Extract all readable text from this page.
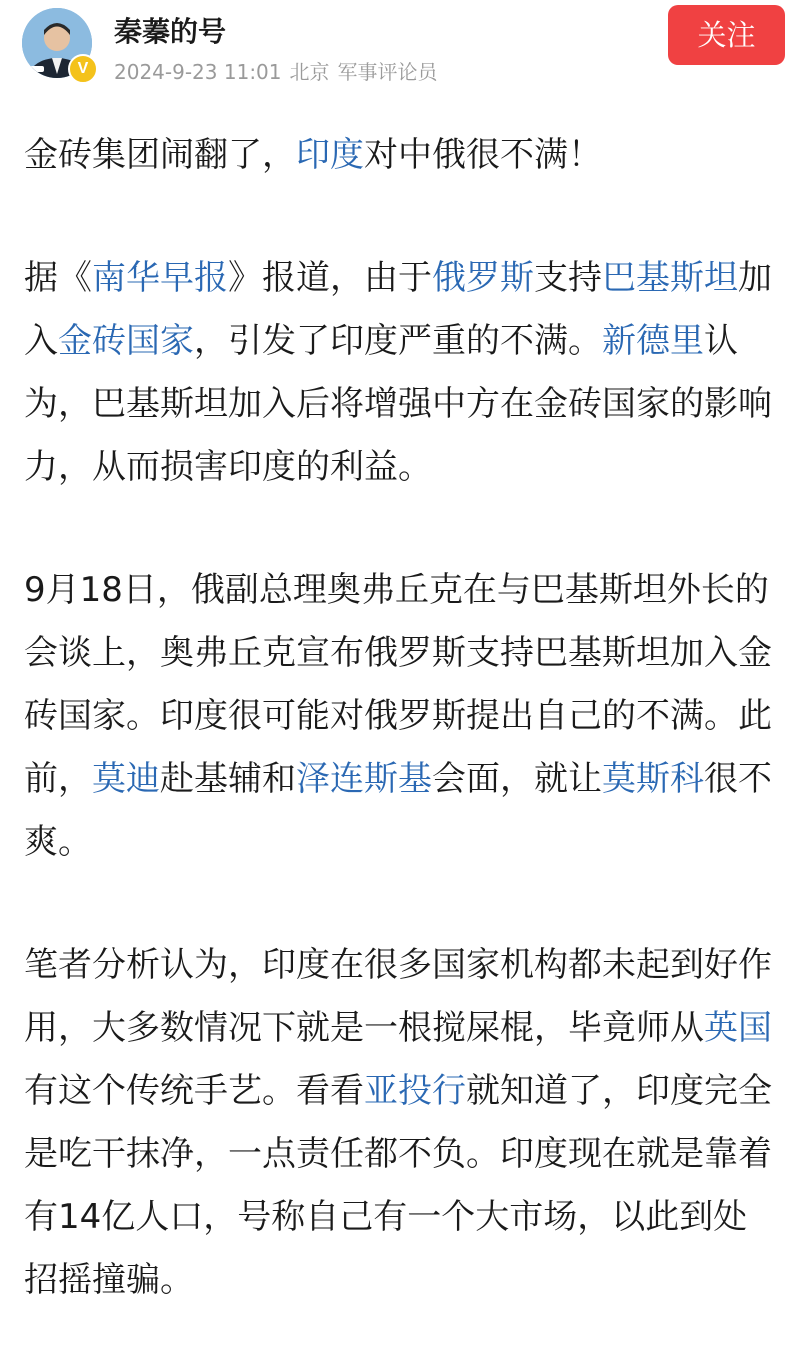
V
秦蓁的号
2024-9-23 11:01 北京 军事评论员
关注

金砖集团闹翻了，印度对中俄很不满！

据《南华早报》报道，由于俄罗斯支持巴基斯坦加入金砖国家，引发了印度严重的不满。新德里认为，巴基斯坦加入后将增强中方在金砖国家的影响力，从而损害印度的利益。

9月18日，俄副总理奥弗丘克在与巴基斯坦外长的会谈上，奥弗丘克宣布俄罗斯支持巴基斯坦加入金砖国家。印度很可能对俄罗斯提出自己的不满。此前，莫迪赴基辅和泽连斯基会面，就让莫斯科很不爽。

笔者分析认为，印度在很多国家机构都未起到好作用，大多数情况下就是一根搅屎棍，毕竟师从英国有这个传统手艺。看看亚投行就知道了，印度完全是吃干抹净，一点责任都不负。印度现在就是靠着有14亿人口，号称自己有一个大市场，以此到处招摇撞骗。
